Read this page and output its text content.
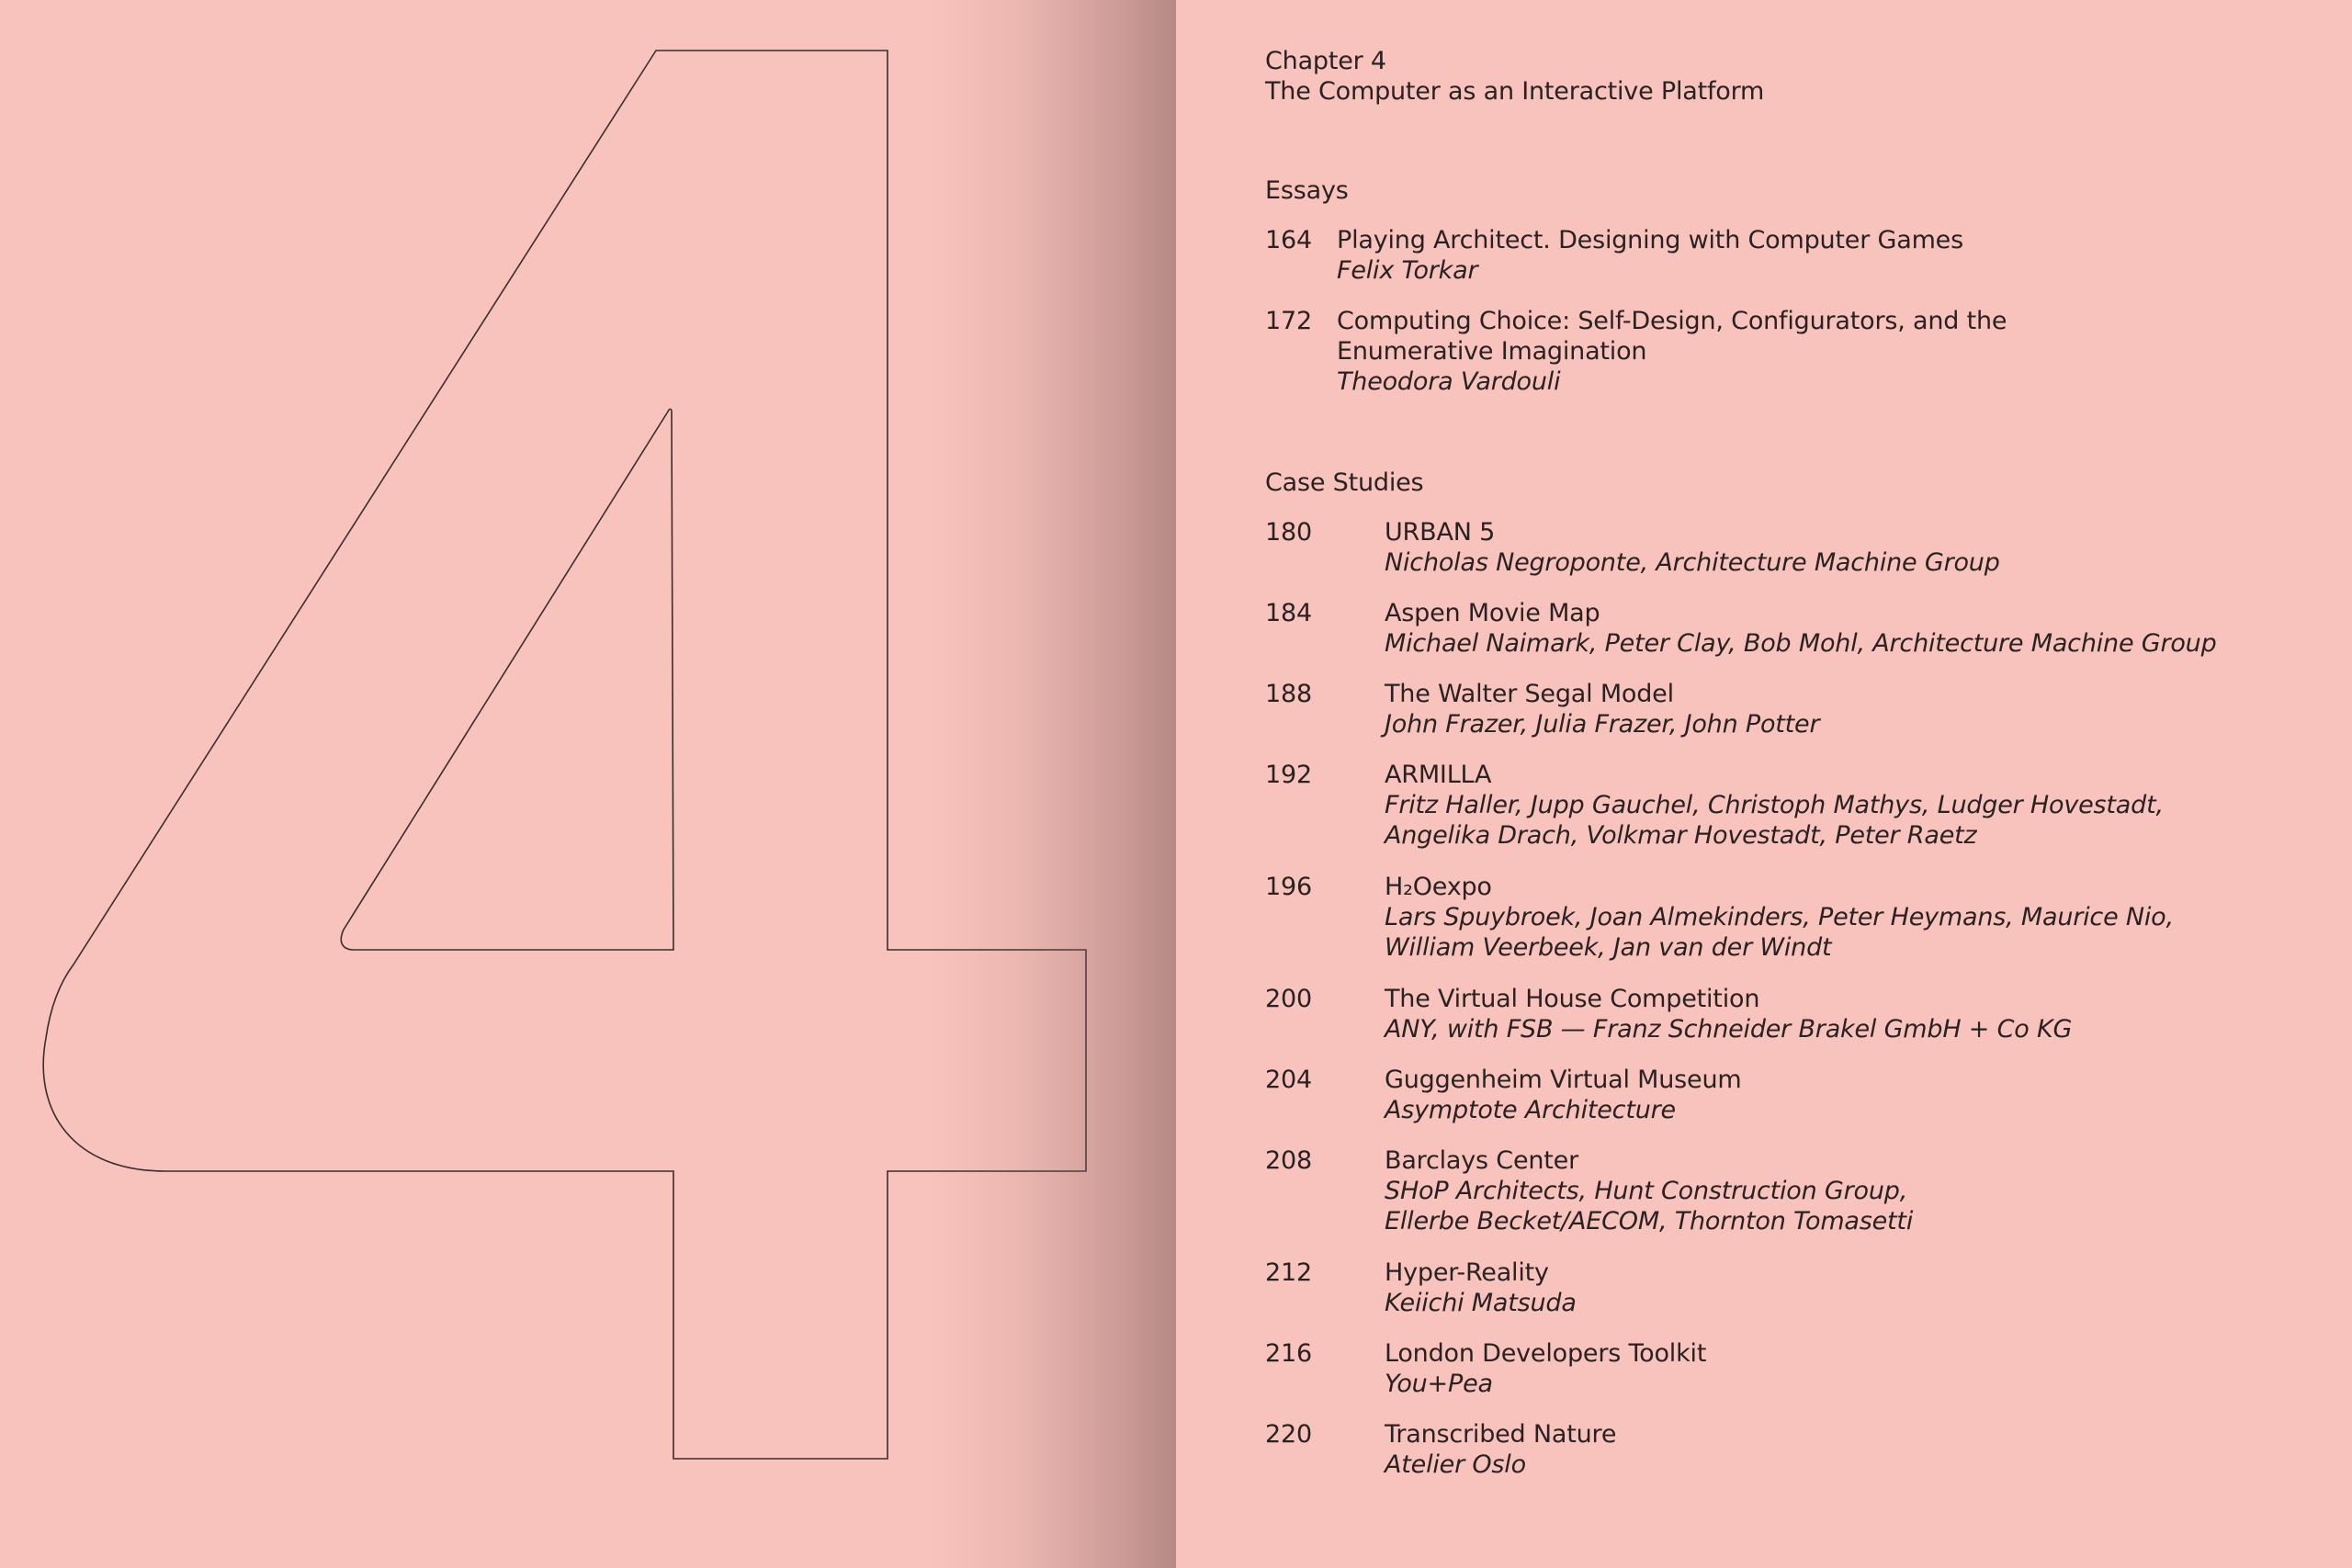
Chapter 4
The Computer as an Interactive Platform
Essays
164 Playing Architect. Designing with Computer Games
Felix Torkar
172 Computing Choice: Self-Design, Configurators, and the
Enumerative Imagination
Theodora Vardouli
Case Studies
180	URBAN 5
Nicholas Negroponte, Architecture Machine Group
184	Aspen Movie Map
Michael Naimark, Peter Clay, Bob Mohl, Architecture Machine Group
188	The Walter Segal Model
John Frazer, Julia Frazer, John Potter
192	ARMILLA
Fritz Haller, Jupp Gauchel, Christoph Mathys, Ludger Hovestadt,
Angelika Drach, Volkmar Hovestadt, Peter Raetz
196	H₂Oexpo
Lars Spuybroek, Joan Almekinders, Peter Heymans, Maurice Nio,
William Veerbeek, Jan van der Windt
200	The Virtual House Competition
ANY, with FSB — Franz Schneider Brakel GmbH + Co KG
204	Guggenheim Virtual Museum
Asymptote Architecture
208	Barclays Center
SHoP Architects, Hunt Construction Group,
Ellerbe Becket/AECOM, Thornton Tomasetti
212	Hyper-Reality
Keiichi Matsuda
216	London Developers Toolkit
You+Pea
220	Transcribed Nature
Atelier Oslo
